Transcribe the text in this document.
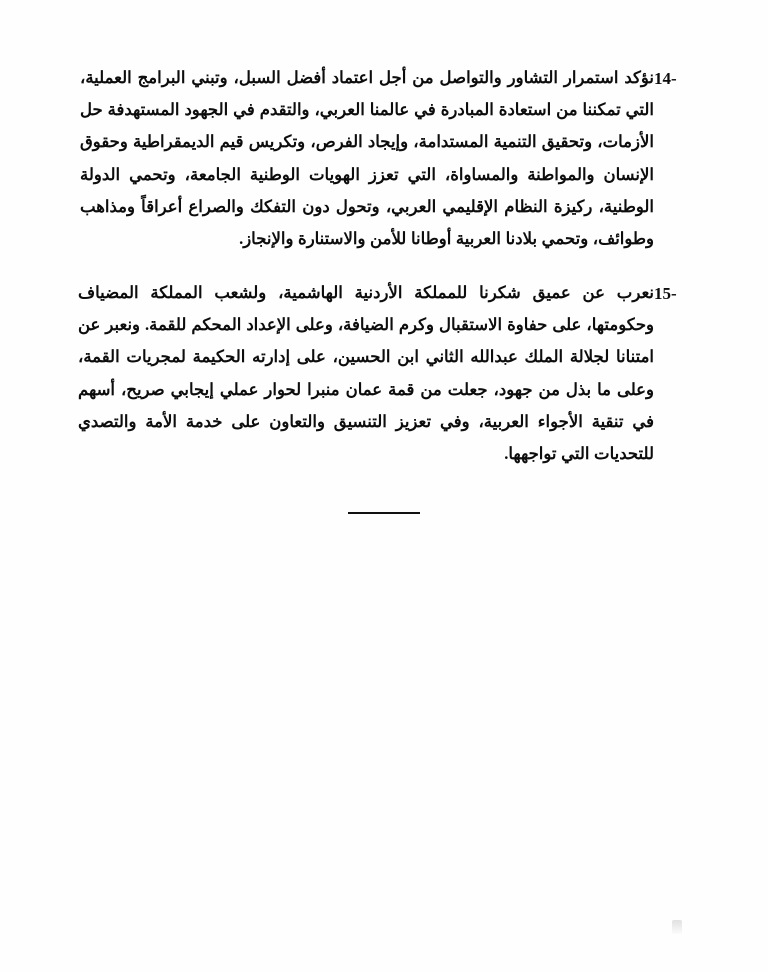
-14
نؤكد استمرار التشاور والتواصل من أجل اعتماد أفضل السبل، وتبني البرامج العملية، التي تمكننا من استعادة المبادرة في عالمنا العربي، والتقدم في الجهود المستهدفة حل الأزمات، وتحقيق التنمية المستدامة، وإيجاد الفرص، وتكريس قيم الديمقراطية وحقوق الإنسان والمواطنة والمساواة، التي تعزز الهويات الوطنية الجامعة، وتحمي الدولة الوطنية، ركيزة النظام الإقليمي العربي، وتحول دون التفكك والصراع أعراقاً ومذاهب وطوائف، وتحمي بلادنا العربية أوطانا للأمن والاستنارة والإنجاز.
-15
نعرب عن عميق شكرنا للمملكة الأردنية الهاشمية، ولشعب المملكة المضياف وحكومتها، على حفاوة الاستقبال وكرم الضيافة، وعلى الإعداد المحكم للقمة. ونعبر عن امتنانا لجلالة الملك عبدالله الثاني ابن الحسين، على إدارته الحكيمة لمجريات القمة، وعلى ما بذل من جهود، جعلت من قمة عمان منبرا لحوار عملي إيجابي صريح، أسهم في تنقية الأجواء العربية، وفي تعزيز التنسيق والتعاون على خدمة الأمة والتصدي للتحديات التي تواجهها.
